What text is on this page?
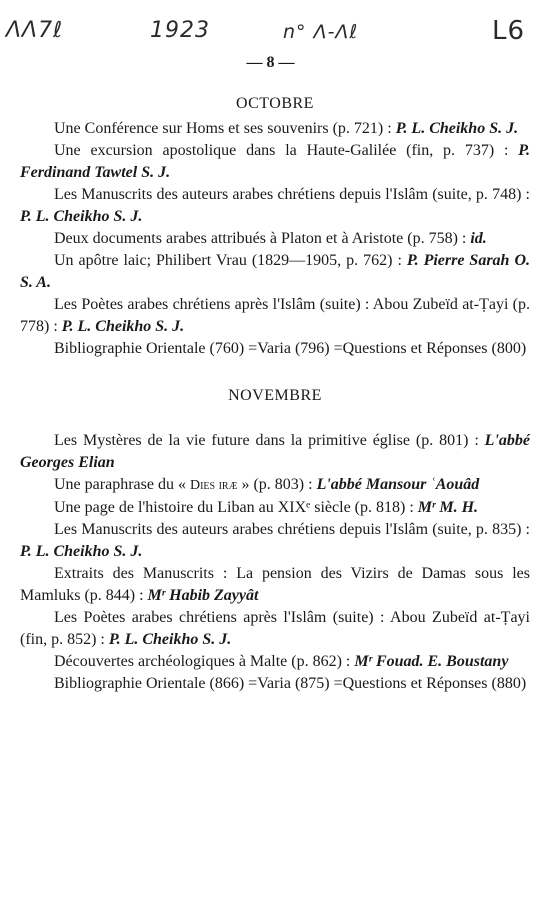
ΛΛ7ℓ	1923	n° Λ-Λℓ	L6
— 8 —
OCTOBRE

Une Conférence sur Homs et ses souvenirs (p. 721) : P. L. Cheikho S. J.

Une excursion apostolique dans la Haute-Galilée (fin, p. 737) : P. Ferdinand Tawtel S. J.

Les Manuscrits des auteurs arabes chrétiens depuis l'Islâm (suite, p. 748) : P. L. Cheikho S. J.

Deux documents arabes attribués à Platon et à Aristote (p. 758) : id.

Un apôtre laic; Philibert Vrau (1829—1905, p. 762) : P. Pierre Sarah O. S. A.

Les Poètes arabes chrétiens après l'Islâm (suite) : Abou Zubeïd at-Ṭayi (p. 778) : P. L. Cheikho S. J.

Bibliographie Orientale (760) =Varia (796) =Questions et Réponses (800)

NOVEMBRE

Les Mystères de la vie future dans la primitive église (p. 801) : L'abbé Georges Elian

Une paraphrase du « Dies iræ » (p. 803) : L'abbé Mansour ʿAouâd

Une page de l'histoire du Liban au XIXᵉ siècle (p. 818) : Mʳ M. H.

Les Manuscrits des auteurs arabes chrétiens depuis l'Islâm (suite, p. 835) : P. L. Cheikho S. J.

Extraits des Manuscrits : La pension des Vizirs de Damas sous les Mamluks (p. 844) : Mʳ Habib Zayyât

Les Poètes arabes chrétiens après l'Islâm (suite) : Abou Zubeïd at-Ṭayi (fin, p. 852) : P. L. Cheikho S. J.

Découvertes archéologiques à Malte (p. 862) : Mʳ Fouad. E. Boustany

Bibliographie Orientale (866) =Varia (875) =Questions et Réponses (880)
